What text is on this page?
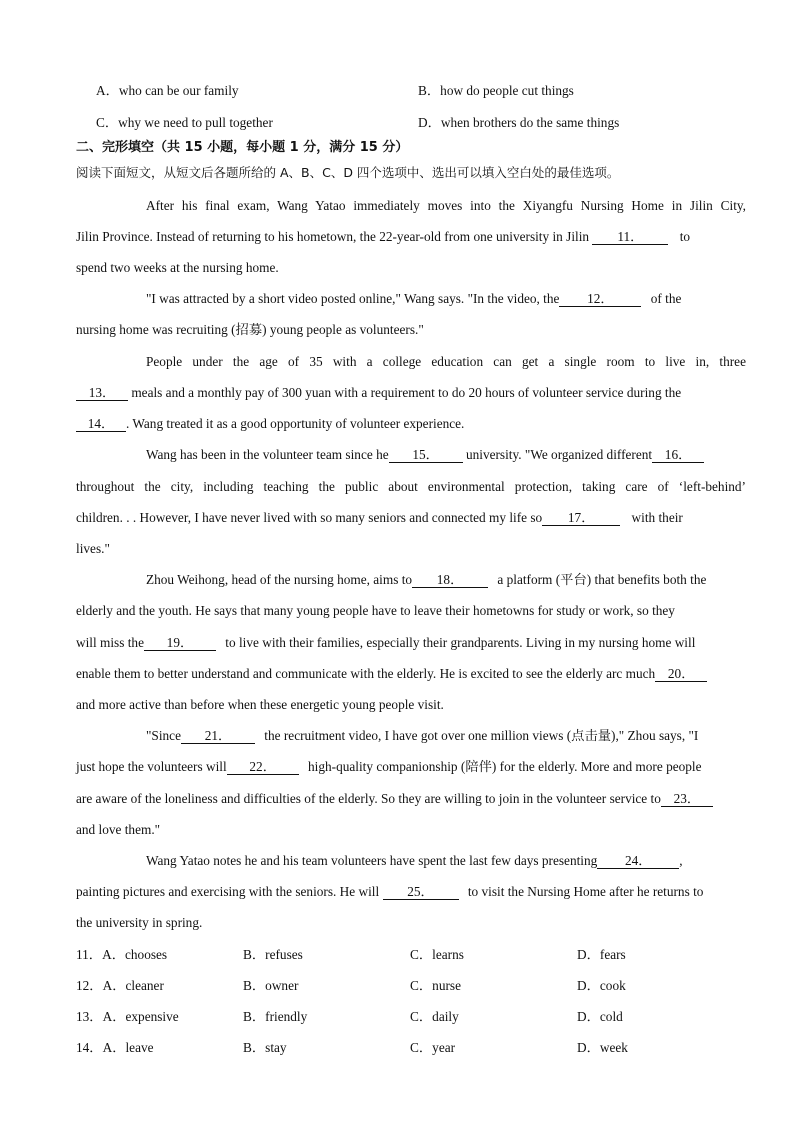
A．who can be our family	B．how do people cut things
C．why we need to pull together	D．when brothers do the same things
二、完形填空（共 15 小题，每小题 1 分，满分 15 分）
阅读下面短文，从短文后各题所给的 A、B、C、D 四个选项中、选出可以填入空白处的最佳选项。
After his final exam, Wang Yatao immediately moves into the Xiyangfu Nursing Home in Jilin City,
Jilin Province. Instead of returning to his hometown, the 22-year-old from one university in Jilin 11． to
spend two weeks at the nursing home.
"I was attracted by a short video posted online," Wang says. "In the video, the 12．	of the
nursing home was recruiting (招募) young people as volunteers."
People under the age of 35 with a college education can get a single room to live in, three
13． meals and a monthly pay of 300 yuan with a requirement to do 20 hours of volunteer service during the
14． . Wang treated it as a good opportunity of volunteer experience.
Wang has been in the volunteer team since he 15． university. "We organized different 16．
throughout the city, including teaching the public about environmental protection, taking care of ‘left-behind’
children. . . However, I have never lived with so many seniors and connected my life so 17．	with their
lives."
Zhou Weihong, head of the nursing home, aims to 18． a platform (平台) that benefits both the
elderly and the youth. He says that many young people have to leave their hometowns for study or work, so they
will miss the 19． to live with their families, especially their grandparents. Living in my nursing home will
enable them to better understand and communicate with the elderly. He is excited to see the elderly arc much 20．
and more active than before when these energetic young people visit.
"Since 21． the recruitment video, I have got over one million views (点击量)," Zhou says, "I
just hope the volunteers will 22． high-quality companionship (陪伴) for the elderly. More and more people
are aware of the loneliness and difficulties of the elderly. So they are willing to join in the volunteer service to 23．
and love them."
Wang Yatao notes he and his team volunteers have spent the last few days presenting 24． ,
painting pictures and exercising with the seniors. He will 25． to visit the Nursing Home after he returns to
the university in spring.
11．A．chooses	B．refuses	C．learns	D．fears
12．A．cleaner	B．owner	C．nurse	D．cook
13．A．expensive	B．friendly	C．daily	D．cold
14．A．leave	B．stay	C．year	D．week
